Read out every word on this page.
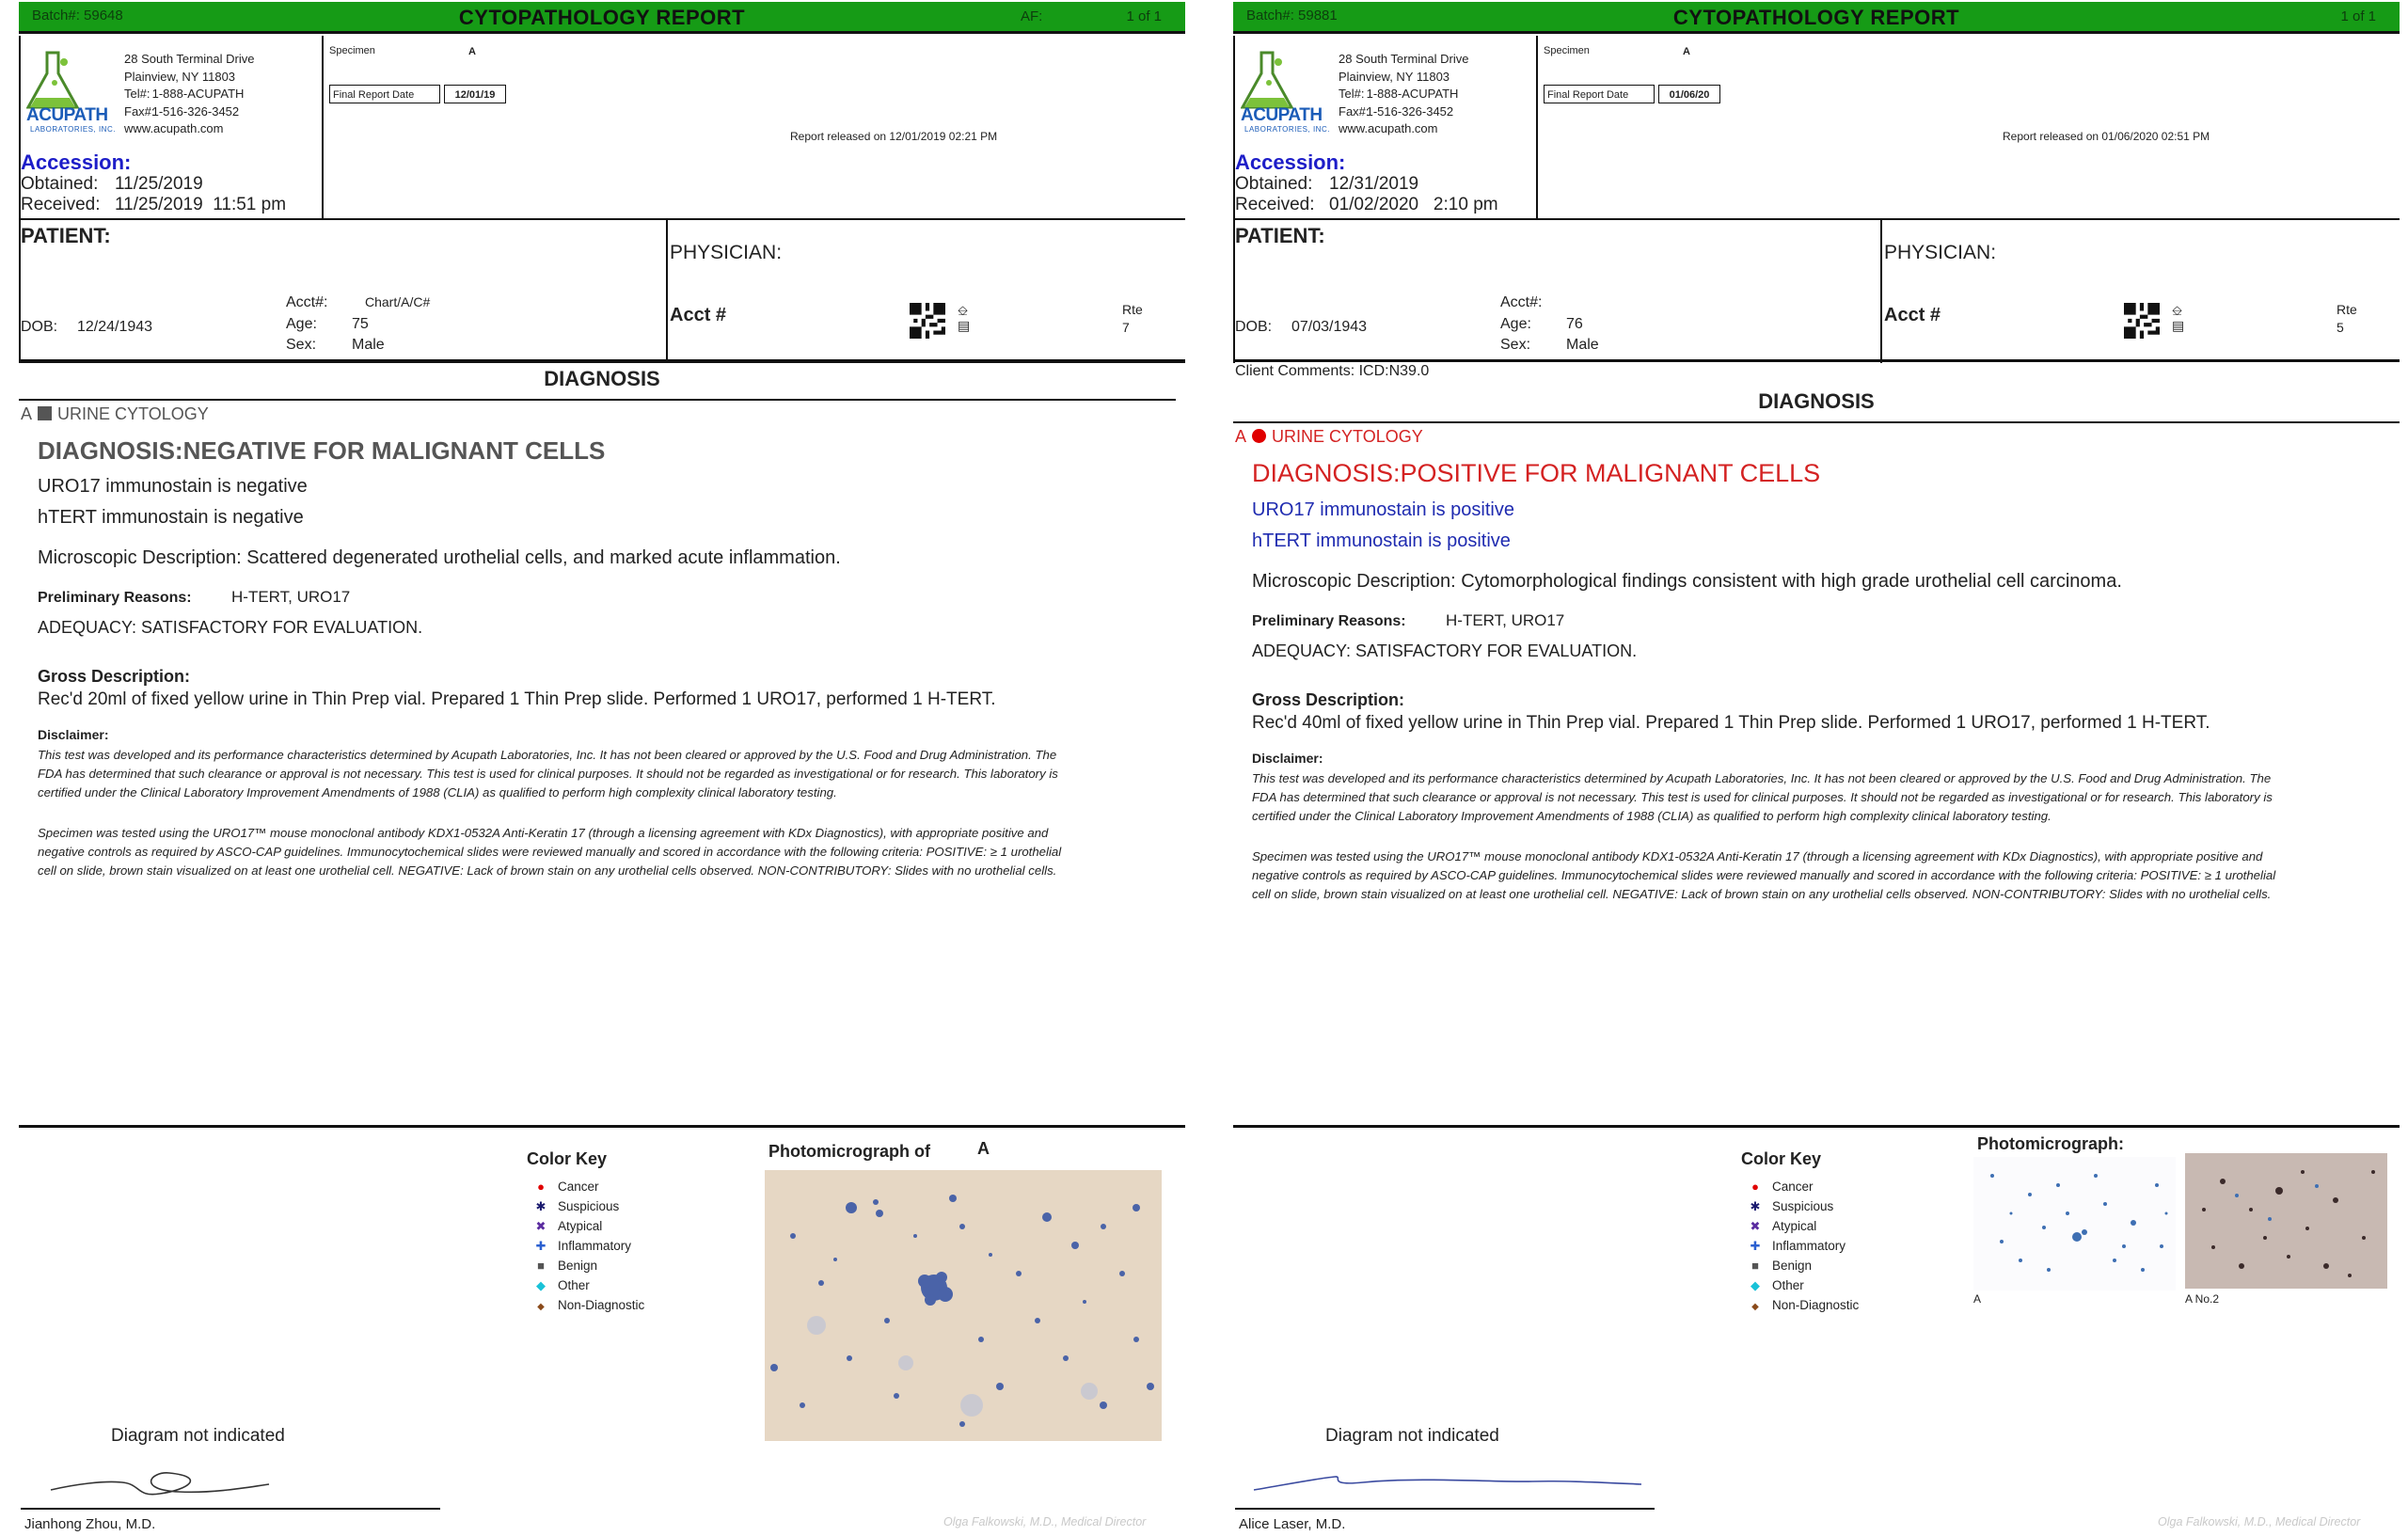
Batch#: 59648	CYTOPATHOLOGY REPORT	AF:	1 of 1
ACUPATH
LABORATORIES, INC.
28 South Terminal Drive
Plainview, NY 11803
Tel#: 1-888-ACUPATH
Fax#: 1-516-326-3452
www.acupath.com
Accession:
Obtained: 11/25/2019
Received: 11/25/2019  11:51 pm
Specimen	A
Final Report Date	12/01/19
Report released on 12/01/2019 02:21 PM
PATIENT:
DOB: 12/24/1943
Acct#:	Chart/A/C#
Age: 75
Sex: Male
PHYSICIAN:
Acct #	⎒
▤
Rte
7
DIAGNOSIS
A URINE CYTOLOGY
DIAGNOSIS:NEGATIVE FOR MALIGNANT CELLS
URO17 immunostain is negative
hTERT immunostain is negative
Microscopic Description: Scattered degenerated urothelial cells, and marked acute inflammation.
Preliminary Reasons: H-TERT, URO17
ADEQUACY: SATISFACTORY FOR EVALUATION.
Gross Description:
Rec'd 20ml of fixed yellow urine in Thin Prep vial. Prepared 1 Thin Prep slide. Performed 1 URO17, performed 1 H-TERT.
Disclaimer:
This test was developed and its performance characteristics determined by Acupath Laboratories, Inc. It has not been cleared or approved by the U.S. Food and Drug Administration. The FDA has determined that such clearance or approval is not necessary. This test is used for clinical purposes. It should not be regarded as investigational or for research. This laboratory is certified under the Clinical Laboratory Improvement Amendments of 1988 (CLIA) as qualified to perform high complexity clinical laboratory testing.
Specimen was tested using the URO17™ mouse monoclonal antibody KDX1-0532A Anti-Keratin 17 (through a licensing agreement with KDx Diagnostics), with appropriate positive and negative controls as required by ASCO-CAP guidelines. Immunocytochemical slides were reviewed manually and scored in accordance with the following criteria: POSITIVE: ≥ 1 urothelial cell on slide, brown stain visualized on at least one urothelial cell. NEGATIVE: Lack of brown stain on any urothelial cells observed. NON-CONTRIBUTORY: Slides with no urothelial cells.
Color Key
● Cancer
✱ Suspicious
✖ Atypical
✚ Inflammatory
■ Benign
◆ Other
◆ Non-Diagnostic
Photomicrograph of	A
Diagram not indicated
Jianhong Zhou, M.D.	Olga Falkowski, M.D., Medical Director
Batch#: 59881	CYTOPATHOLOGY REPORT	1 of 1
ACUPATH
LABORATORIES, INC.
28 South Terminal Drive
Plainview, NY 11803
Tel#: 1-888-ACUPATH
Fax#: 1-516-326-3452
www.acupath.com
Accession:
Obtained: 12/31/2019
Received: 01/02/2020   2:10 pm
Specimen	A
Final Report Date	01/06/20
Report released on 01/06/2020 02:51 PM
PATIENT:
DOB: 07/03/1943
Acct#:
Age: 76
Sex: Male
PHYSICIAN:
Acct #	⎒
▤
Rte
5
Client Comments: ICD:N39.0
DIAGNOSIS
A URINE CYTOLOGY
DIAGNOSIS:POSITIVE FOR MALIGNANT CELLS
URO17 immunostain is positive
hTERT immunostain is positive
Microscopic Description: Cytomorphological findings consistent with high grade urothelial cell carcinoma.
Preliminary Reasons: H-TERT, URO17
ADEQUACY: SATISFACTORY FOR EVALUATION.
Gross Description:
Rec'd 40ml of fixed yellow urine in Thin Prep vial. Prepared 1 Thin Prep slide. Performed 1 URO17, performed 1 H-TERT.
Disclaimer:
This test was developed and its performance characteristics determined by Acupath Laboratories, Inc. It has not been cleared or approved by the U.S. Food and Drug Administration. The FDA has determined that such clearance or approval is not necessary. This test is used for clinical purposes. It should not be regarded as investigational or for research. This laboratory is certified under the Clinical Laboratory Improvement Amendments of 1988 (CLIA) as qualified to perform high complexity clinical laboratory testing.
Specimen was tested using the URO17™ mouse monoclonal antibody KDX1-0532A Anti-Keratin 17 (through a licensing agreement with KDx Diagnostics), with appropriate positive and negative controls as required by ASCO-CAP guidelines. Immunocytochemical slides were reviewed manually and scored in accordance with the following criteria: POSITIVE: ≥ 1 urothelial cell on slide, brown stain visualized on at least one urothelial cell. NEGATIVE: Lack of brown stain on any urothelial cells observed. NON-CONTRIBUTORY: Slides with no urothelial cells.
Color Key
● Cancer
✱ Suspicious
✖ Atypical
✚ Inflammatory
■ Benign
◆ Other
◆ Non-Diagnostic
Photomicrograph:
A	A No.2
Diagram not indicated
Alice Laser, M.D.	Olga Falkowski, M.D., Medical Director
